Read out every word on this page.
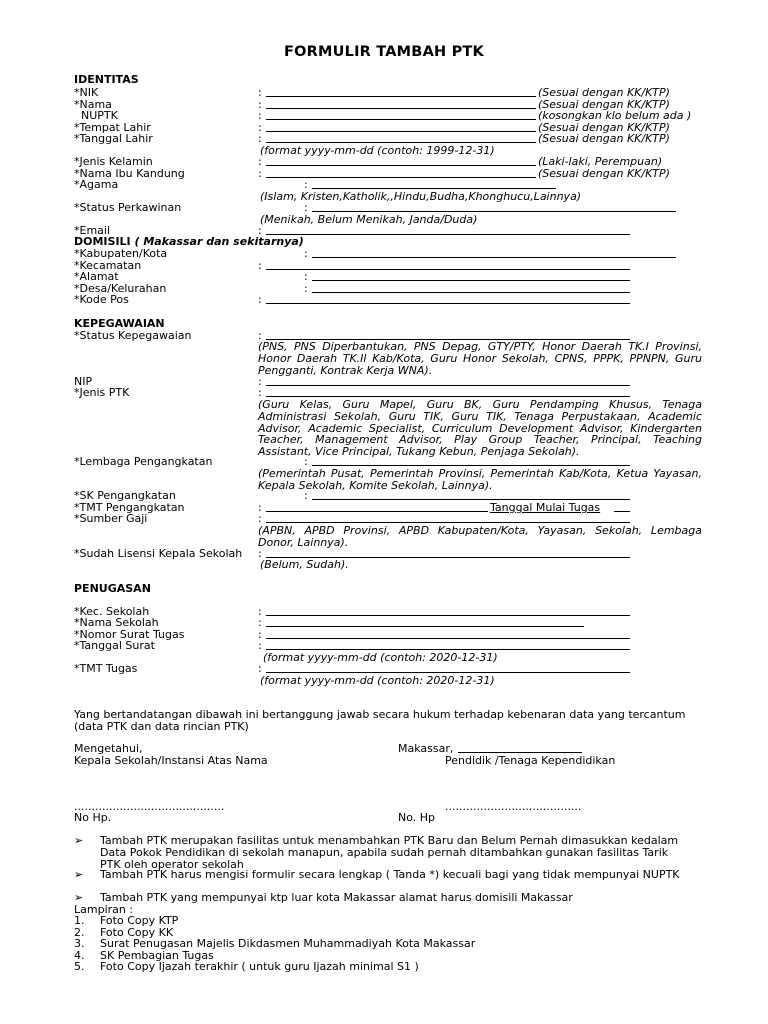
FORMULIR TAMBAH PTK
IDENTITAS
*NIK	:	(Sesuai dengan KK/KTP)
*Nama	:	(Sesuai dengan KK/KTP)
NUPTK	:	(kosongkan klo belum ada )
*Tempat Lahir	:	(Sesuai dengan KK/KTP)
*Tanggal Lahir	:	(Sesuai dengan KK/KTP)
(format yyyy-mm-dd (contoh: 1999-12-31)
*Jenis Kelamin	:	(Laki-laki, Perempuan)
*Nama Ibu Kandung	:	(Sesuai dengan KK/KTP)
*Agama	:
(Islam, Kristen,Katholik,,Hindu,Budha,Khonghucu,Lainnya)
*Status Perkawinan	:
(Menikah, Belum Menikah, Janda/Duda)
*Email	:
DOMISILI ( Makassar dan sekitarnya)
*Kabupaten/Kota	:
*Kecamatan	:
*Alamat	:
*Desa/Kelurahan	:
*Kode Pos	:
KEPEGAWAIAN
*Status Kepegawaian	:
(PNS, PNS Diperbantukan, PNS Depag, GTY/PTY, Honor Daerah TK.I Provinsi, Honor Daerah TK.II Kab/Kota, Guru Honor Sekolah, CPNS, PPPK, PPNPN, Guru Pengganti, Kontrak Kerja WNA).
NIP	:
*Jenis PTK	:
(Guru Kelas, Guru Mapel, Guru BK, Guru Pendamping Khusus, Tenaga Administrasi Sekolah, Guru TIK, Guru TIK, Tenaga Perpustakaan, Academic Advisor, Academic Specialist, Curriculum Development Advisor, Kindergarten Teacher, Management Advisor, Play Group Teacher, Principal, Teaching Assistant, Vice Principal, Tukang Kebun, Penjaga Sekolah).
*Lembaga Pengangkatan	:
(Pemerintah Pusat, Pemerintah Provinsi, Pemerintah Kab/Kota, Ketua Yayasan, Kepala Sekolah, Komite Sekolah, Lainnya).
*SK Pengangkatan	:
*TMT Pengangkatan	:	Tanggal Mulai Tugas
*Sumber Gaji	:
(APBN, APBD Provinsi, APBD Kabupaten/Kota, Yayasan, Sekolah, Lembaga Donor, Lainnya).
*Sudah Lisensi Kepala Sekolah :
(Belum, Sudah).
PENUGASAN
*Kec. Sekolah	:
*Nama Sekolah	:
*Nomor Surat Tugas	:
*Tanggal Surat	:
(format yyyy-mm-dd (contoh: 2020-12-31)
*TMT Tugas	:
(format yyyy-mm-dd (contoh: 2020-12-31)
Yang bertandatangan dibawah ini bertanggung jawab secara hukum terhadap kebenaran data yang tercantum (data PTK dan data rincian PTK)
Mengetahui,
Kepala Sekolah/Instansi Atas Nama
Makassar,
Pendidik /Tenaga Kependidikan
...........................................	.......................................
No Hp.	No. Hp
➢ Tambah PTK merupakan fasilitas untuk menambahkan PTK Baru dan Belum Pernah dimasukkan kedalam Data Pokok Pendidikan di sekolah manapun, apabila sudah pernah ditambahkan gunakan fasilitas Tarik PTK oleh operator sekolah
➢ Tambah PTK harus mengisi formulir secara lengkap ( Tanda *) kecuali bagi yang tidak mempunyai NUPTK
➢ Tambah PTK yang mempunyai ktp luar kota Makassar alamat harus domisili Makassar
Lampiran :
1. Foto Copy KTP
2. Foto Copy KK
3. Surat Penugasan Majelis Dikdasmen Muhammadiyah Kota Makassar
4. SK Pembagian Tugas
5. Foto Copy Ijazah terakhir ( untuk guru Ijazah minimal S1 )
